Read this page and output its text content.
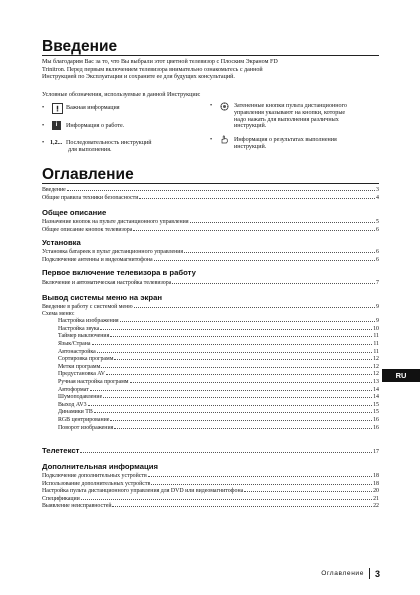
Введение
Мы благодарим Вас за то, что Вы выбрали этот цветной телевизор с Плоским Экраном FD
Trinitron. Перед первым включением телевизора внимательно ознакомьтесь с данной
Инструкцией по Эксплуатации и сохраните ее для будущих консультаций.
Условные обозначения, используемые в данной Инструкции:
•	Важная информация
•	i	Информация о работе.
• 1,2... Последовательность инструкций
для выполнения.
•	Затененные кнопки пульта дистанционного
управления указывают на кнопки, которые
надо нажать для выполнения различных
инструкций.
•	Информация о результатах выполнения
инструкций.
Оглавление
Введение	3
Общие правила техники безопасности	4
Общее описание
Назначение кнопок на пульте дистанционного управления	5
Общее описание кнопок телевизора	6
Установка
Установка батареек в пульт дистанционного управления	6
Подключение антенны и видеомагнитофона	6
Первое включение телевизора в работу
Включение и автоматическая настройка телевизора	7
Вывод системы меню на экран
Введение в работу с системой меню	9
Схема меню:
Настройка изображения	9
Настройка звука	10
Таймер выключения	11
Язык/Страна	11
Автонастройка	11
Сортировка программ	12
Метки программ	12
Предустановка AV	12
Ручная настройка программ	13
Автоформат	14
Шумоподавление	14
Выход AV3	15
Динамики ТВ	15
RGB центрирование	16
Поворот изображения	16
Телетекст	17
Дополнительная информация
Подключение дополнительных устройств	18
Использование дополнительных устройств	18
Настройка пульта дистанционного управления для DVD или видеомагнитофона	20
Спецификации	21
Выявление неисправностей	22
RU
Оглавление 3
